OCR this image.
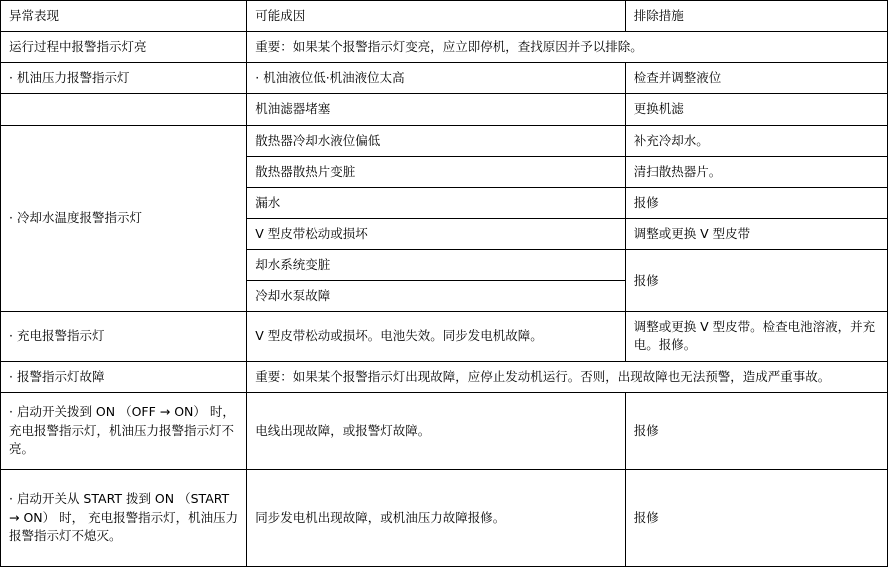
异常表现	可能成因	排除措施
运行过程中报警指示灯亮	重要：如果某个报警指示灯变亮，应立即停机，查找原因并予以排除。	
· 机油压力报警指示灯	· 机油液位低·机油液位太高	检查并调整液位
	机油滤器堵塞	更换机滤
· 冷却水温度报警指示灯	散热器冷却水液位偏低	补充冷却水。
	散热器散热片变脏	清扫散热器片。
	漏水	报修
	V 型皮带松动或损坏	调整或更换 V 型皮带
	却水系统变脏	报修
	冷却水泵故障	
· 充电报警指示灯	V 型皮带松动或损坏。电池失效。同步发电机故障。	调整或更换 V 型皮带。检查电池溶液，并充电。报修。
· 报警指示灯故障	重要：如果某个报警指示灯出现故障，应停止发动机运行。否则，出现故障也无法预警，造成严重事故。	
· 启动开关拨到 ON （OFF → ON） 时，充电报警指示灯，机油压力报警指示灯不亮。	电线出现故障，或报警灯故障。	报修
· 启动开关从 START 拨到 ON （START → ON） 时， 充电报警指示灯，机油压力报警指示灯不熄灭。	同步发电机出现故障，或机油压力故障报修。	报修
